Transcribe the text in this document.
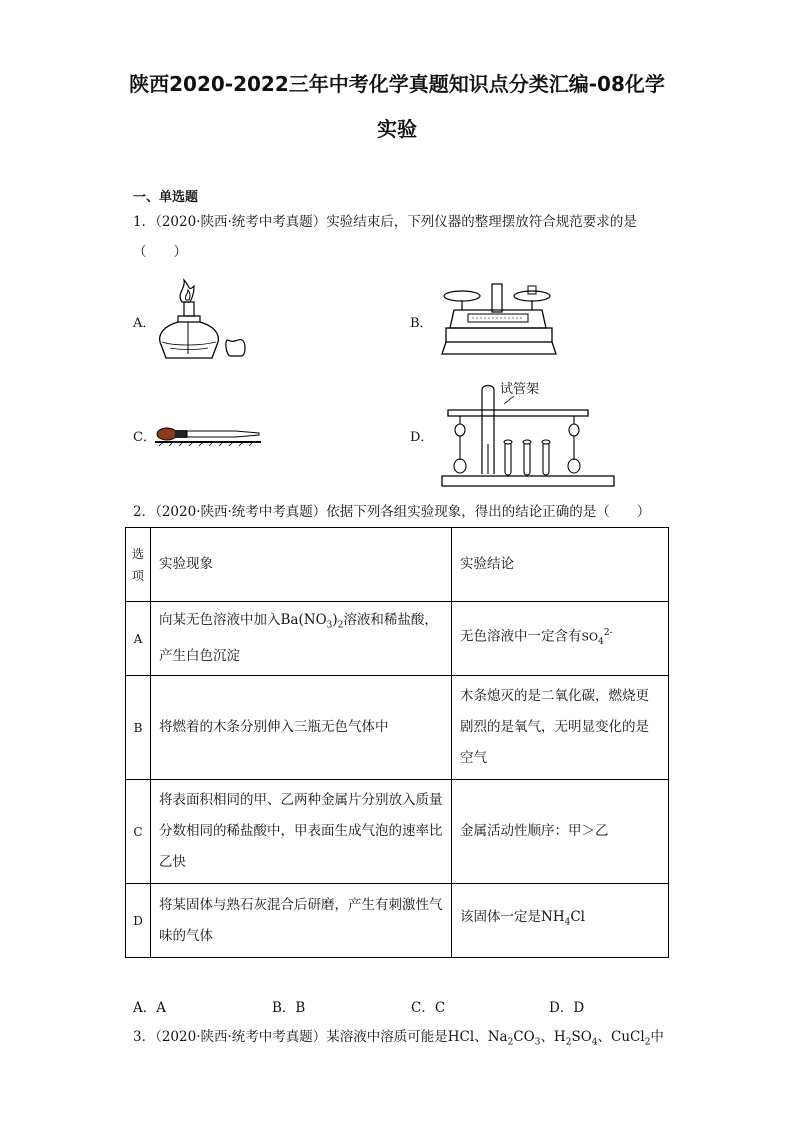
陕西2020-2022三年中考化学真题知识点分类汇编-08化学
实验
一、单选题
1．（2020·陕西·统考中考真题）实验结束后，下列仪器的整理摆放符合规范要求的是
（　　）
A．	B．
C．	D．
试管架
2．（2020·陕西·统考中考真题）依据下列各组实验现象，得出的结论正确的是（　　）
选项	实验现象	实验结论
A	向某无色溶液中加入$Ba(NO_3)_2$溶液和稀盐酸，产生白色沉淀	无色溶液中一定含有$SO_4^{2-}$
B	将燃着的木条分别伸入三瓶无色气体中	木条熄灭的是二氧化碳，燃烧更剧烈的是氧气，无明显变化的是空气
C	将表面积相同的甲、乙两种金属片分别放入质量分数相同的稀盐酸中，甲表面生成气泡的速率比乙快	金属活动性顺序：甲＞乙
D	将某固体与熟石灰混合后研磨，产生有刺激性气味的气体	该固体一定是$NH_4Cl$
A．A	B．B	C．C	D．D
3．（2020·陕西·统考中考真题）某溶液中溶质可能是HCl、$Na_2CO_3$、$H_2SO_4$、CuCl$_2$中
